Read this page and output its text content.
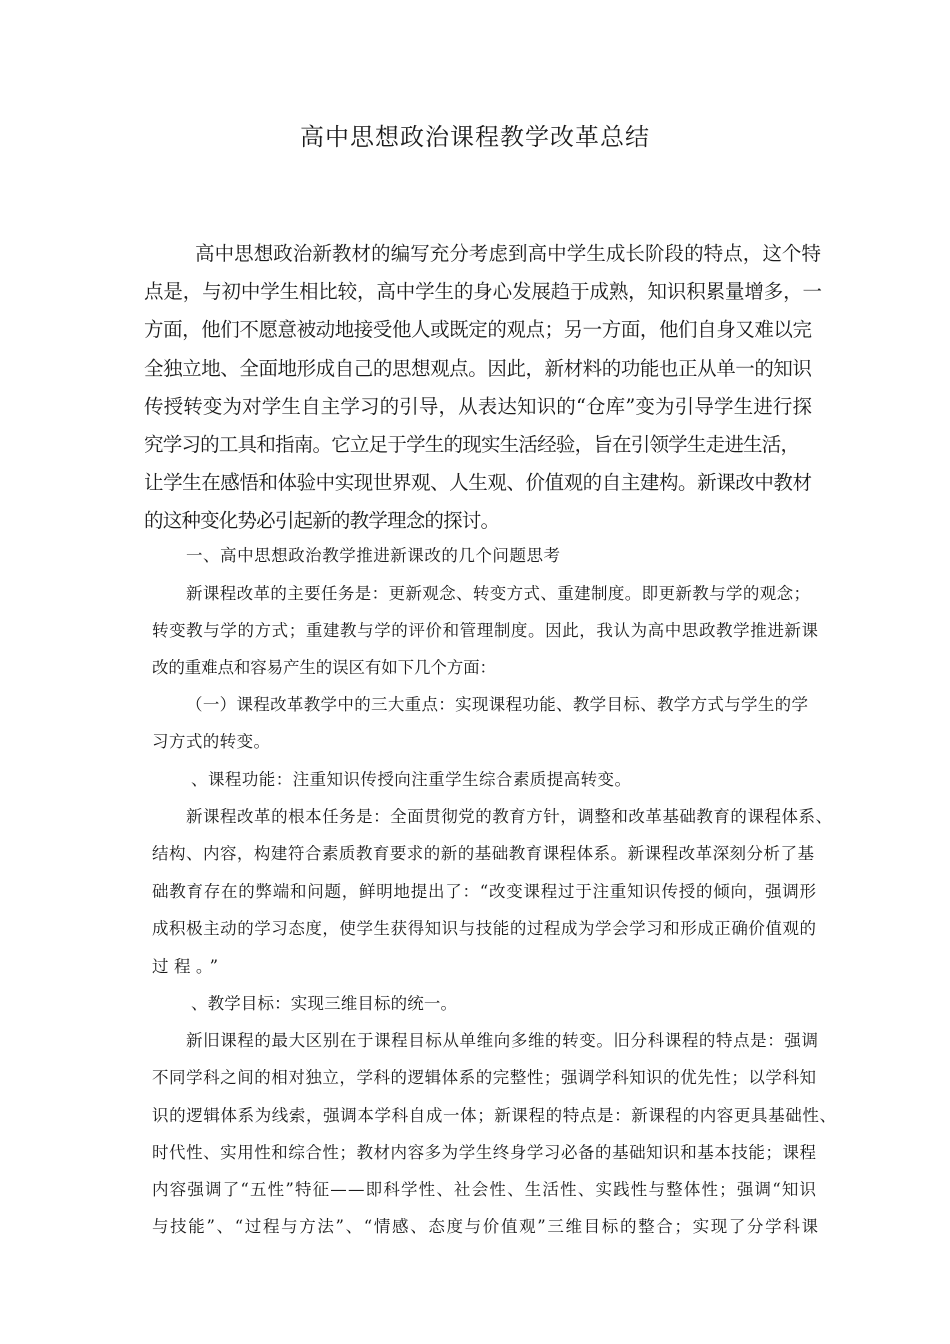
高中思想政治课程教学改革总结
高中思想政治新教材的编写充分考虑到高中学生成长阶段的特点，这个特
点是，与初中学生相比较，高中学生的身心发展趋于成熟，知识积累量增多，一
方面，他们不愿意被动地接受他人或既定的观点；另一方面，他们自身又难以完
全独立地、全面地形成自己的思想观点。因此，新材料的功能也正从单一的知识
传授转变为对学生自主学习的引导，从表达知识的“仓库”变为引导学生进行探
究学习的工具和指南。它立足于学生的现实生活经验，旨在引领学生走进生活，
让学生在感悟和体验中实现世界观、人生观、价值观的自主建构。新课改中教材
的这种变化势必引起新的教学理念的探讨。
一、高中思想政治教学推进新课改的几个问题思考
新课程改革的主要任务是：更新观念、转变方式、重建制度。即更新教与学的观念；
转变教与学的方式；重建教与学的评价和管理制度。因此，我认为高中思政教学推进新课
改的重难点和容易产生的误区有如下几个方面：
（一）课程改革教学中的三大重点：实现课程功能、教学目标、教学方式与学生的学
习方式的转变。
、课程功能：注重知识传授向注重学生综合素质提高转变。
新课程改革的根本任务是：全面贯彻党的教育方针，调整和改革基础教育的课程体系、
结构、内容，构建符合素质教育要求的新的基础教育课程体系。新课程改革深刻分析了基
础教育存在的弊端和问题，鲜明地提出了：“改变课程过于注重知识传授的倾向，强调形
成积极主动的学习态度，使学生获得知识与技能的过程成为学会学习和形成正确价值观的
过程。”
、教学目标：实现三维目标的统一。
新旧课程的最大区别在于课程目标从单维向多维的转变。旧分科课程的特点是：强调
不同学科之间的相对独立，学科的逻辑体系的完整性；强调学科知识的优先性；以学科知
识的逻辑体系为线索，强调本学科自成一体；新课程的特点是：新课程的内容更具基础性、
时代性、实用性和综合性；教材内容多为学生终身学习必备的基础知识和基本技能；课程
内容强调了“五性”特征——即科学性、社会性、生活性、实践性与整体性；强调“知识
与技能”、“过程与方法”、“情感、态度与价值观”三维目标的整合；实现了分学科课
